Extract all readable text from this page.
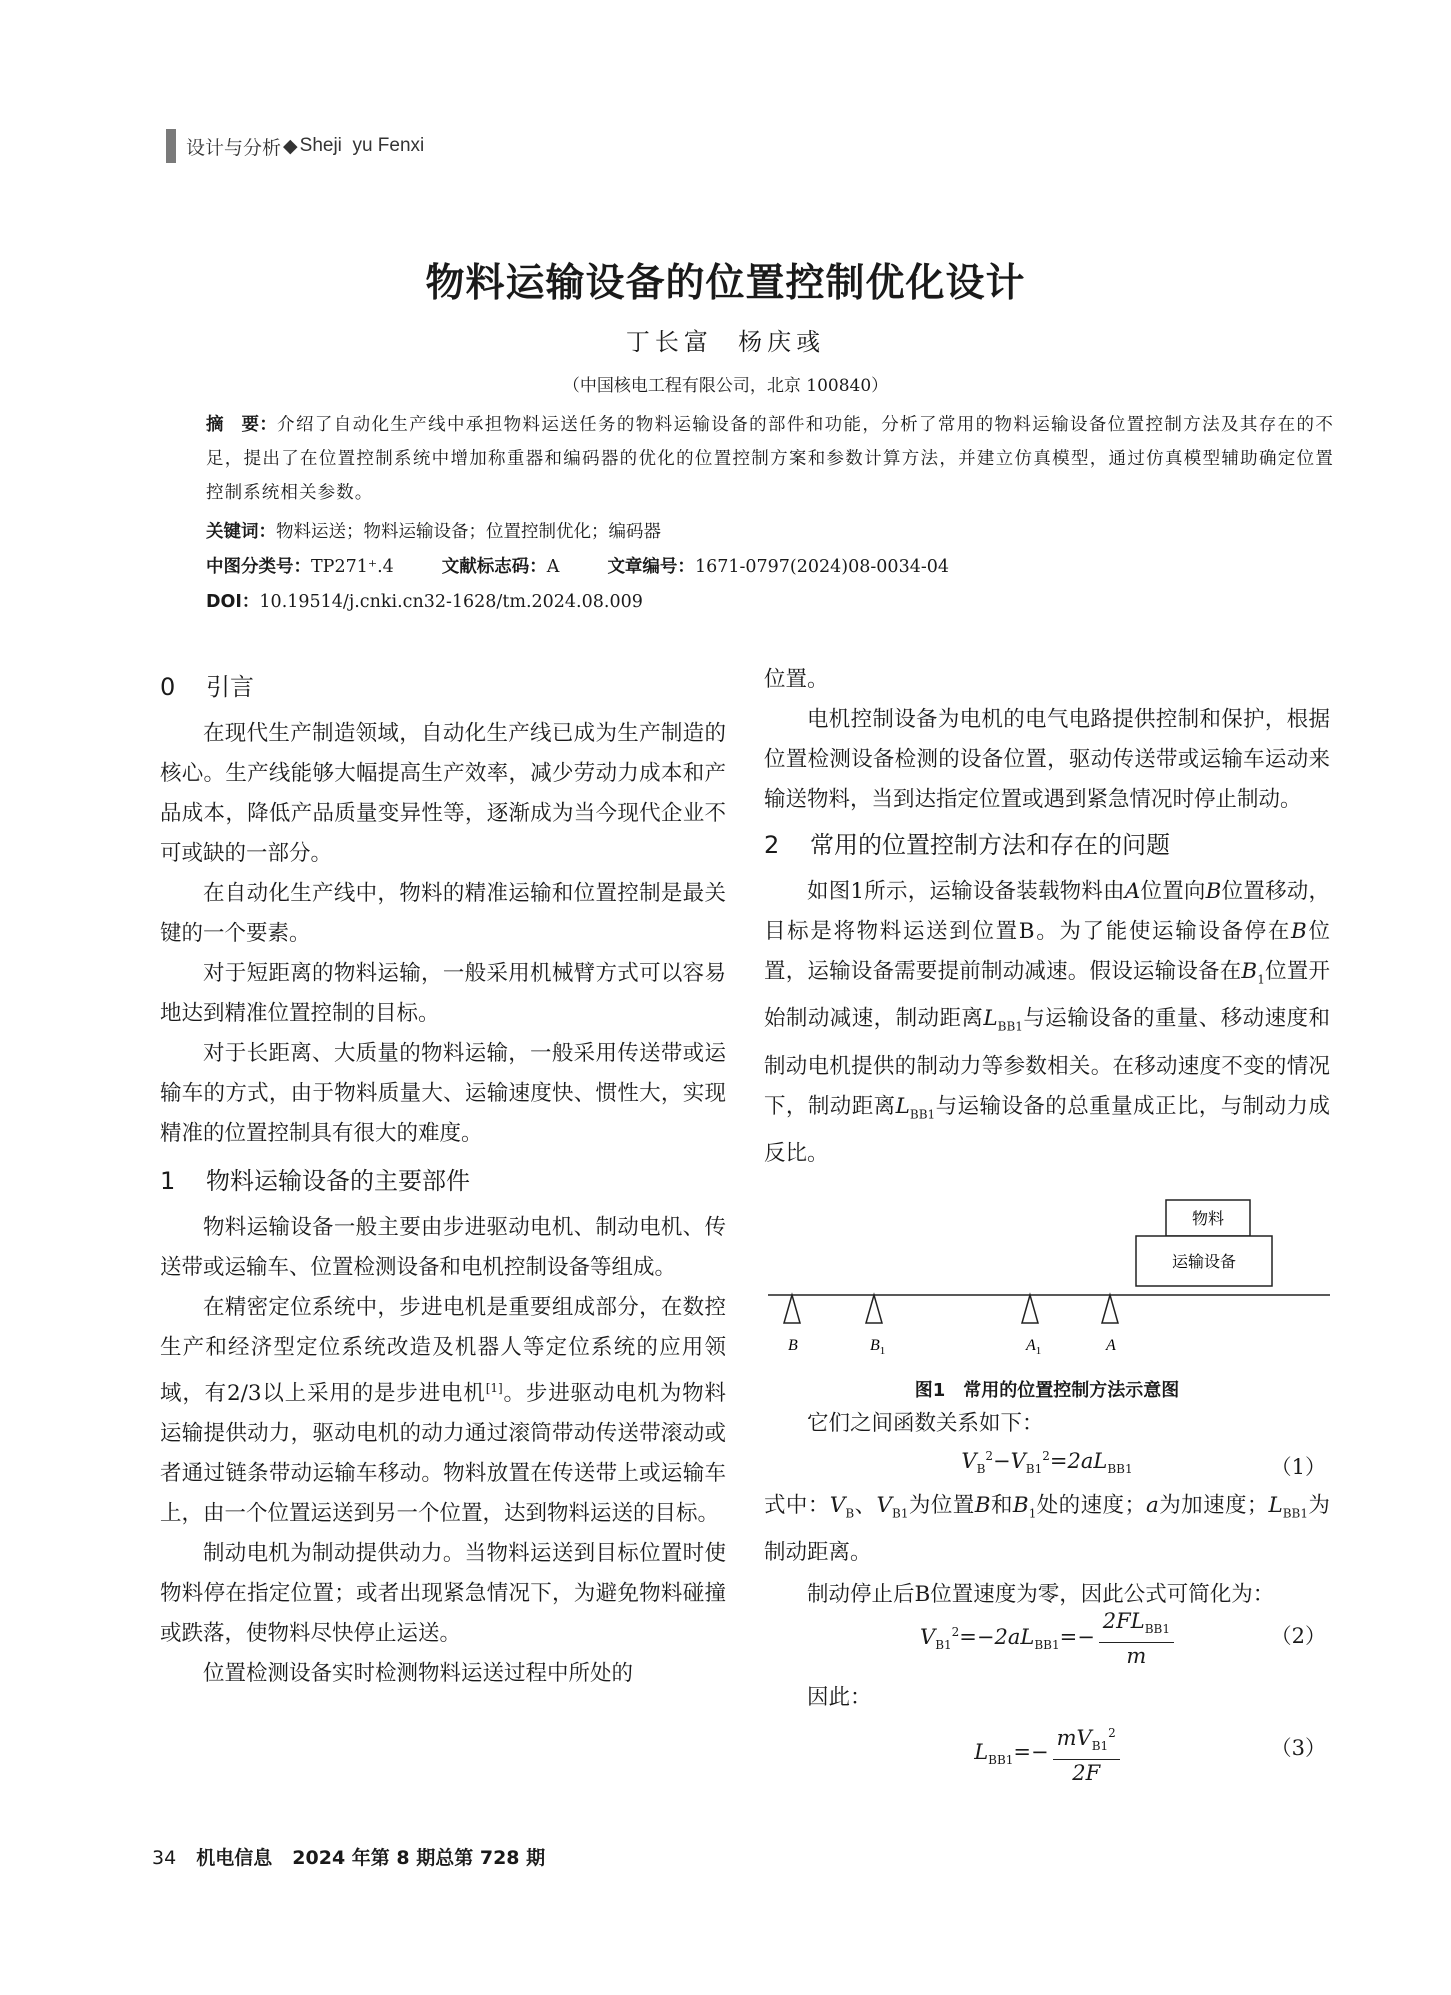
设计与分析 ◆ Sheji  yu Fenxi
物料运输设备的位置控制优化设计
丁长富  杨庆彧
（中国核电工程有限公司，北京 100840）
摘　要：介绍了自动化生产线中承担物料运送任务的物料运输设备的部件和功能，分析了常用的物料运输设备位置控制方法及其存在的不足，提出了在位置控制系统中增加称重器和编码器的优化的位置控制方案和参数计算方法，并建立仿真模型，通过仿真模型辅助确定位置控制系统相关参数。
关键词：物料运送；物料运输设备；位置控制优化；编码器
中图分类号：TP271⁺.4	文献标志码：A	文章编号：1671-0797(2024)08-0034-04
DOI：10.19514/j.cnki.cn32-1628/tm.2024.08.009
0 引言

在现代生产制造领域，自动化生产线已成为生产制造的核心。生产线能够大幅提高生产效率，减少劳动力成本和产品成本，降低产品质量变异性等，逐渐成为当今现代企业不可或缺的一部分。

在自动化生产线中，物料的精准运输和位置控制是最关键的一个要素。

对于短距离的物料运输，一般采用机械臂方式可以容易地达到精准位置控制的目标。

对于长距离、大质量的物料运输，一般采用传送带或运输车的方式，由于物料质量大、运输速度快、惯性大，实现精准的位置控制具有很大的难度。

1 物料运输设备的主要部件

物料运输设备一般主要由步进驱动电机、制动电机、传送带或运输车、位置检测设备和电机控制设备等组成。

在精密定位系统中，步进电机是重要组成部分，在数控生产和经济型定位系统改造及机器人等定位系统的应用领域，有2/3以上采用的是步进电机[1]。步进驱动电机为物料运输提供动力，驱动电机的动力通过滚筒带动传送带滚动或者通过链条带动运输车移动。物料放置在传送带上或运输车上，由一个位置运送到另一个位置，达到物料运送的目标。

制动电机为制动提供动力。当物料运送到目标位置时使物料停在指定位置；或者出现紧急情况下，为避免物料碰撞或跌落，使物料尽快停止运送。

位置检测设备实时检测物料运送过程中所处的

位置。

电机控制设备为电机的电气电路提供控制和保护，根据位置检测设备检测的设备位置，驱动传送带或运输车运动来输送物料，当到达指定位置或遇到紧急情况时停止制动。

2 常用的位置控制方法和存在的问题

如图1所示，运输设备装载物料由A位置向B位置移动，目标是将物料运送到位置B。为了能使运输设备停在B位置，运输设备需要提前制动减速。假设运输设备在$B_1$位置开始制动减速，制动距离$L_{BB1}$与运输设备的重量、移动速度和制动电机提供的制动力等参数相关。在移动速度不变的情况下，制动距离$L_{BB1}$与运输设备的总重量成正比，与制动力成反比。

物料
运输设备
B	$B_1$	$A_1$	A
图1　常用的位置控制方法示意图

它们之间函数关系如下：

$V_B^2-V_{B1}^2=2aL_{BB1}$	（1）

式中：$V_B$、$V_{B1}$为位置B和$B_1$处的速度；a为加速度；$L_{BB1}$为制动距离。

制动停止后B位置速度为零，因此公式可简化为：

$V_{B1}^2=-2aL_{BB1}=-$
$2FL_{BB1}$
m
（2）

因此：

$L_{BB1}=-$
$mV_{B1}^2$
2F
（3）
34 机电信息 2024 年第 8 期总第 728 期
